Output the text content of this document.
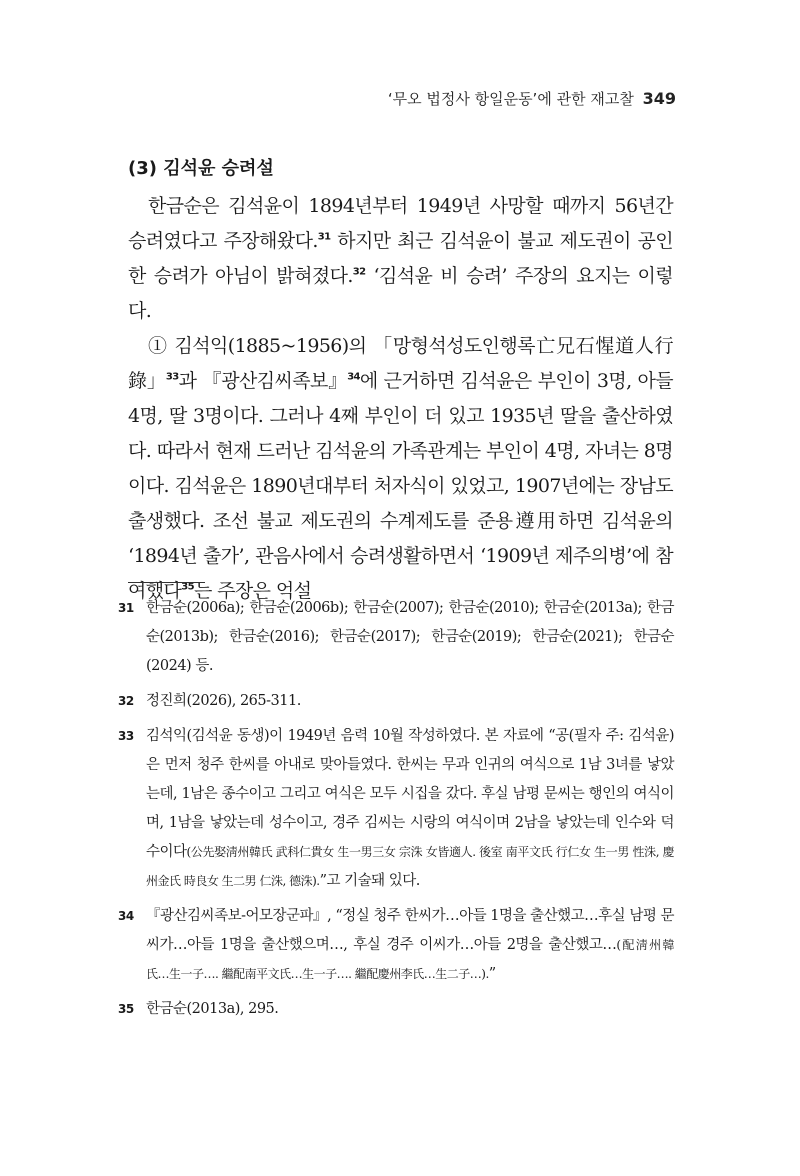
‘무오 법정사 항일운동’에 관한 재고찰 349
(3) 김석윤 승려설

한금순은 김석윤이 1894년부터 1949년 사망할 때까지 56년간 승려였다고 주장해왔다.$^{31}$ 하지만 최근 김석윤이 불교 제도권이 공인한 승려가 아님이 밝혀졌다.$^{32}$ ‘김석윤 비 승려’ 주장의 요지는 이렇다.

① 김석익(1885~1956)의 「망형석성도인행록亡兄石惺道人行錄」$^{33}$과 『광산김씨족보』$^{34}$에 근거하면 김석윤은 부인이 3명, 아들 4명, 딸 3명이다. 그러나 4째 부인이 더 있고 1935년 딸을 출산하였다. 따라서 현재 드러난 김석윤의 가족관계는 부인이 4명, 자녀는 8명이다. 김석윤은 1890년대부터 처자식이 있었고, 1907년에는 장남도 출생했다. 조선 불교 제도권의 수계제도를 준용遵用하면 김석윤의 ‘1894년 출가’, 관음사에서 승려생활하면서 ‘1909년 제주의병’에 참여했다$^{35}$는 주장은 억설

31 한금순(2006a); 한금순(2006b); 한금순(2007); 한금순(2010); 한금순(2013a); 한금순(2013b); 한금순(2016); 한금순(2017); 한금순(2019); 한금순(2021); 한금순(2024) 등.

32 정진희(2026), 265-311.

33 김석익(김석윤 동생)이 1949년 음력 10월 작성하였다. 본 자료에 “공(필자 주: 김석윤)은 먼저 청주 한씨를 아내로 맞아들였다. 한씨는 무과 인귀의 여식으로 1남 3녀를 낳았는데, 1남은 종수이고 그리고 여식은 모두 시집을 갔다. 후실 남평 문씨는 행인의 여식이며, 1남을 낳았는데 성수이고, 경주 김씨는 시랑의 여식이며 2남을 낳았는데 인수와 덕수이다(公先娶淸州韓氏 武科仁貴女 生一男三女 宗洙 女皆適人. 後室 南平文氏 行仁女 生一男 性洙, 慶州金氏 時良女 生二男 仁洙, 德洙).”고 기술돼 있다.

34 『광산김씨족보-어모장군파』, “정실 청주 한씨가…아들 1명을 출산했고…후실 남평 문씨가…아들 1명을 출산했으며…, 후실 경주 이씨가…아들 2명을 출산했고…(配淸州韓氏…生一子…. 繼配南平文氏…生一子…. 繼配慶州李氏…生二子…).”

35 한금순(2013a), 295.
